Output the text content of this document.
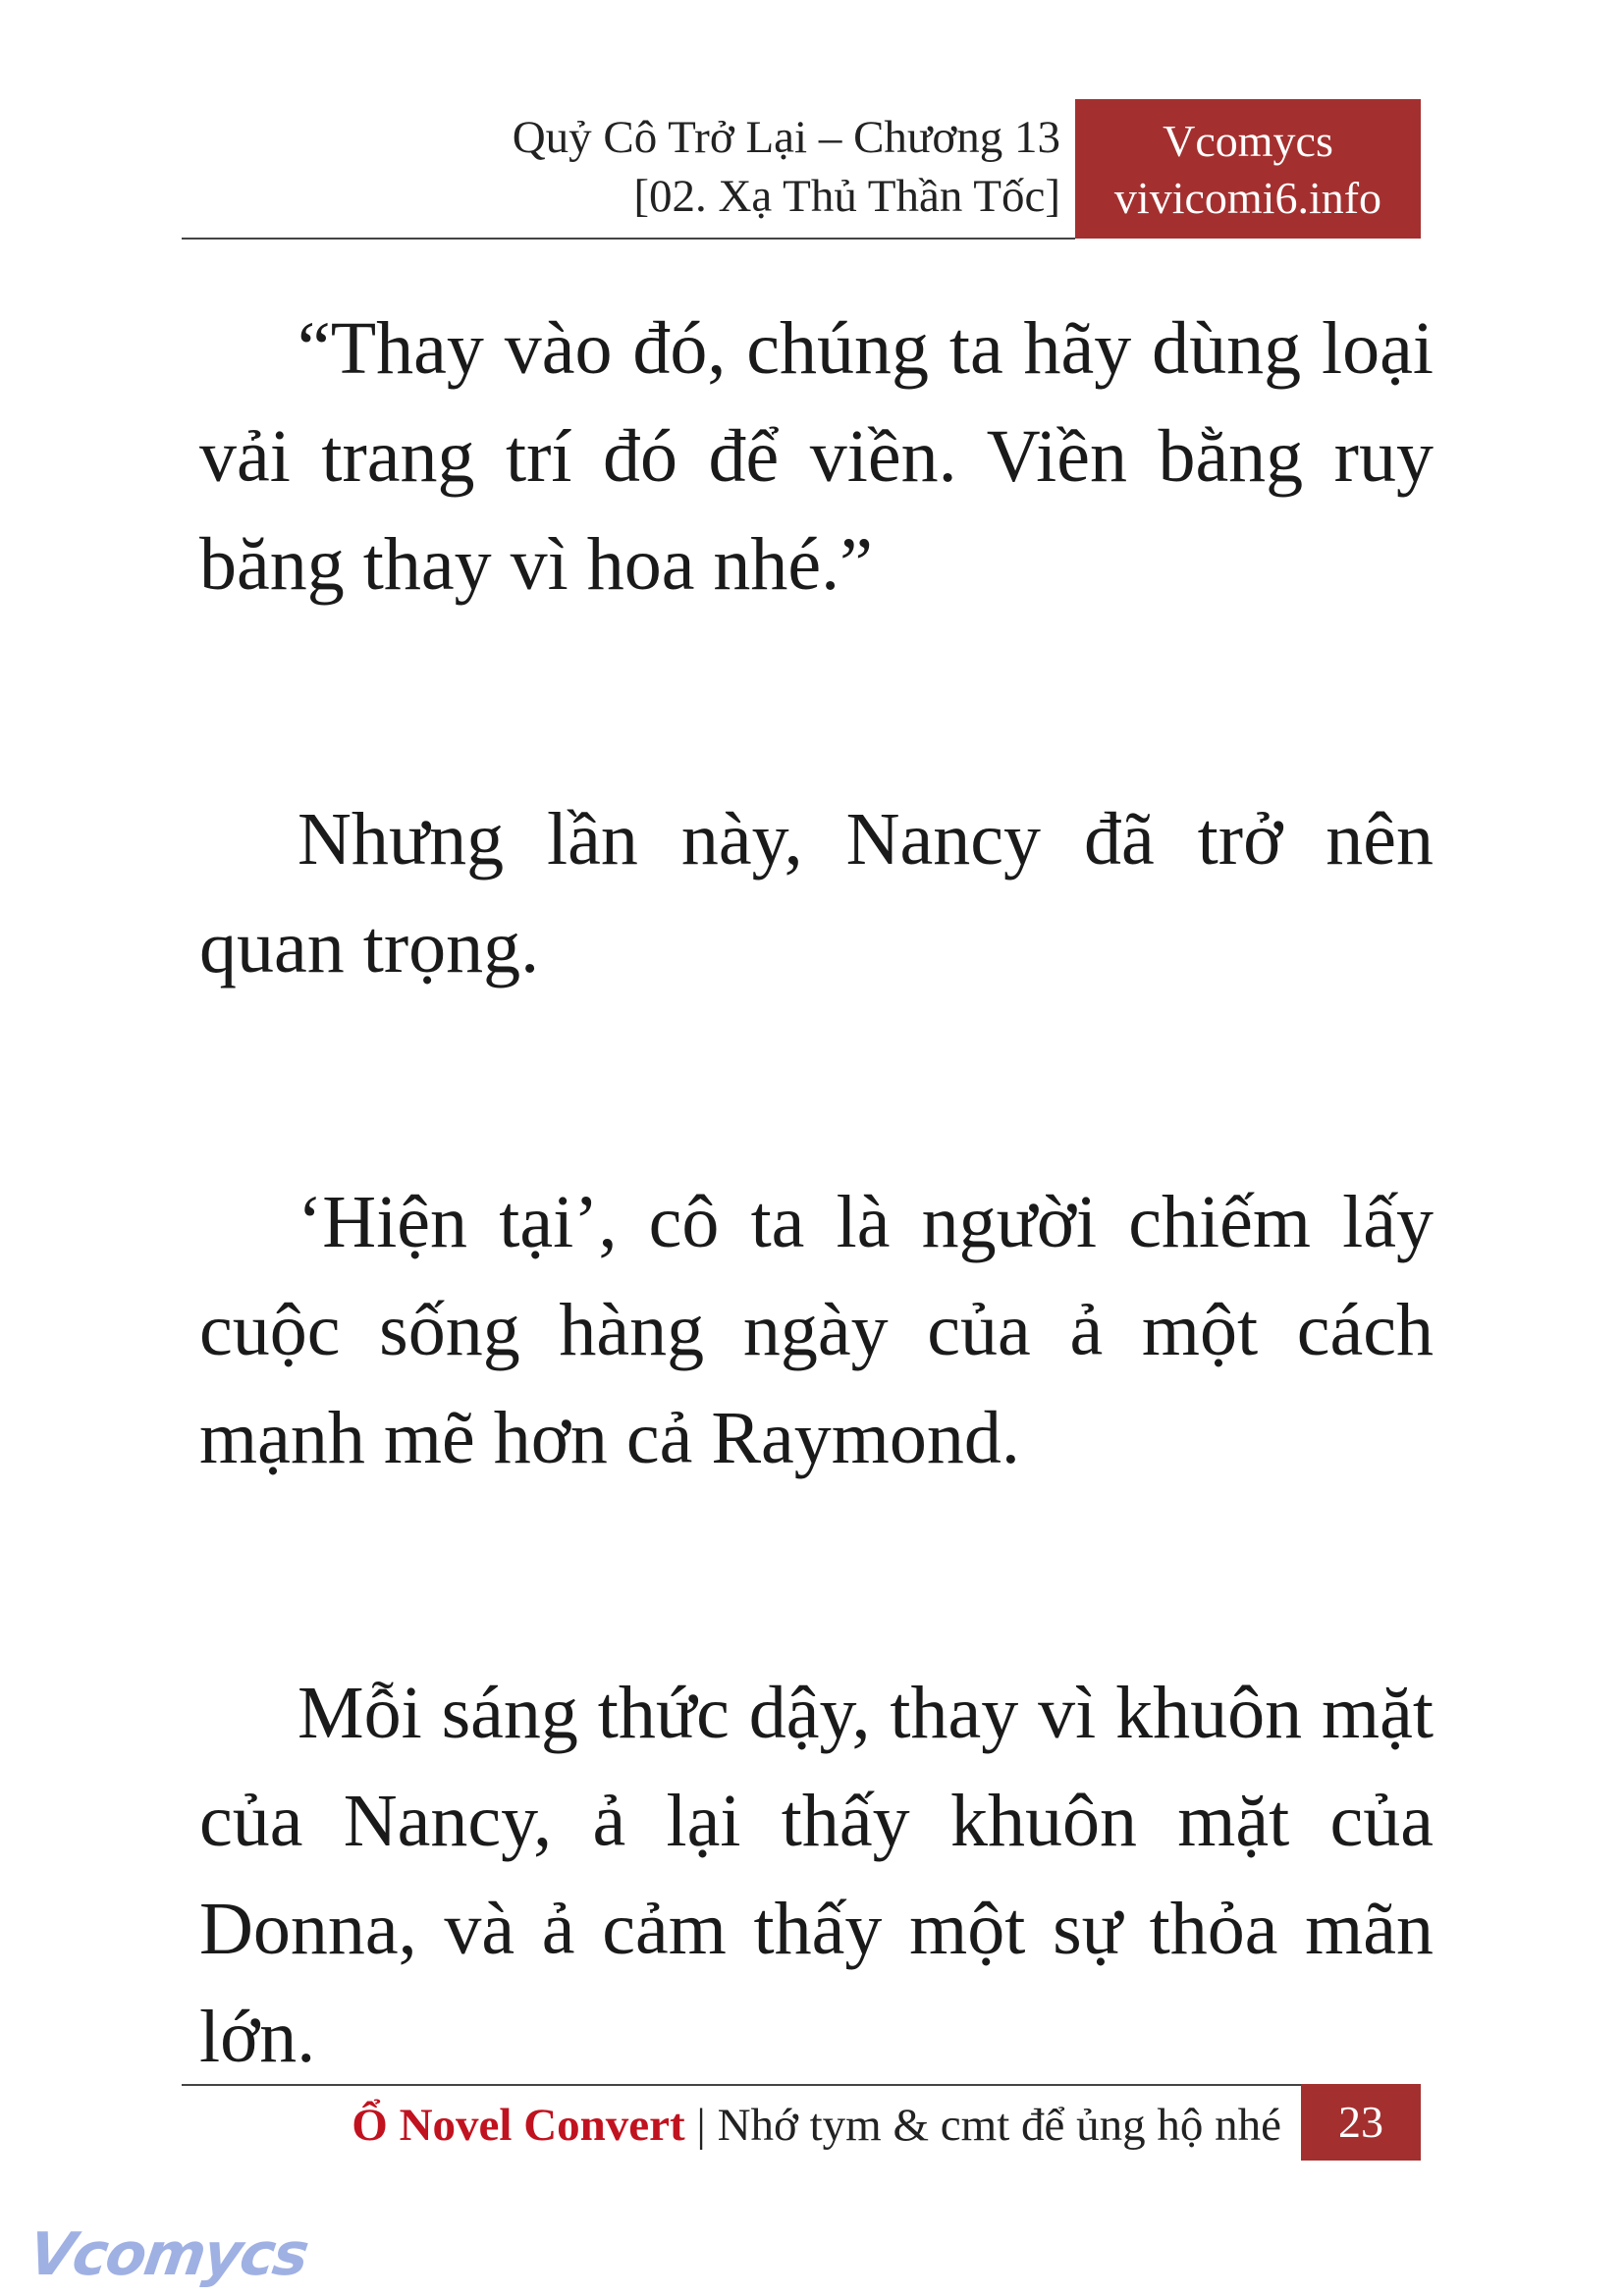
Quỷ Cô Trở Lại – Chương 13
[02. Xạ Thủ Thần Tốc]
Vcomycs
vivicomi6.info

“Thay vào đó, chúng ta hãy dùng loại vải trang trí đó để viền. Viền bằng ruy băng thay vì hoa nhé.”

Nhưng lần này, Nancy đã trở nên quan trọng.

‘Hiện tại’, cô ta là người chiếm lấy cuộc sống hàng ngày của ả một cách mạnh mẽ hơn cả Raymond.

Mỗi sáng thức dậy, thay vì khuôn mặt của Nancy, ả lại thấy khuôn mặt của Donna, và ả cảm thấy một sự thỏa mãn lớn.

Ổ Novel Convert | Nhớ tym & cmt để ủng hộ nhé	23
Vcomycs
